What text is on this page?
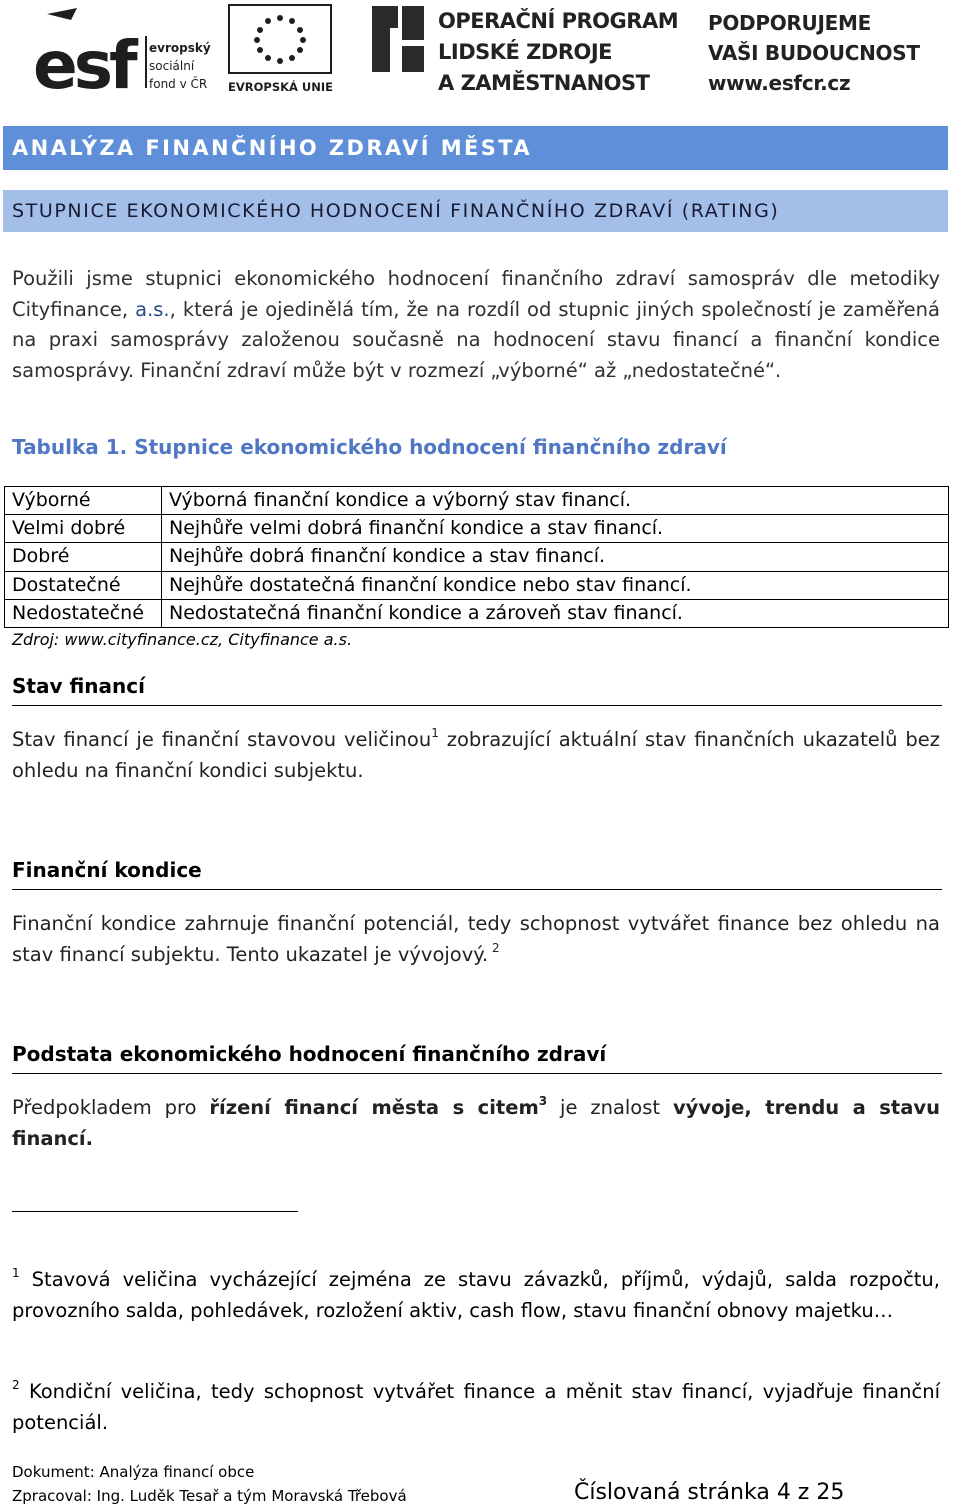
esf	evropský
sociální
fond v ČR EVROPSKÁ UNIE
OPERAČNÍ PROGRAM
LIDSKÉ ZDROJE
A ZAMĚSTNANOST
PODPORUJEME
VAŠI BUDOUCNOST
www.esfcr.cz
ANALÝZA FINANČNÍHO ZDRAVÍ MĚSTA
STUPNICE EKONOMICKÉHO HODNOCENÍ FINANČNÍHO ZDRAVÍ (RATING)
Použili jsme stupnici ekonomického hodnocení finančního zdraví samospráv dle metodiky Cityfinance, a.s., která je ojedinělá tím, že na rozdíl od stupnic jiných společností je zaměřená na praxi samosprávy založenou současně na hodnocení stavu financí a finanční kondice samosprávy. Finanční zdraví může být v rozmezí „výborné“ až „nedostatečné“.
Tabulka 1. Stupnice ekonomického hodnocení finančního zdraví
Výborné	Výborná finanční kondice a výborný stav financí.
Velmi dobré	Nejhůře velmi dobrá finanční kondice a stav financí.
Dobré	Nejhůře dobrá finanční kondice a stav financí.
Dostatečné	Nejhůře dostatečná finanční kondice nebo stav financí.
Nedostatečné	Nedostatečná finanční kondice a zároveň stav financí.
Zdroj: www.cityfinance.cz, Cityfinance a.s.
Stav financí
Stav financí je finanční stavovou veličinou$^1$ zobrazující aktuální stav finančních ukazatelů bez ohledu na finanční kondici subjektu.
Finanční kondice
Finanční kondice zahrnuje finanční potenciál, tedy schopnost vytvářet finance bez ohledu na stav financí subjektu. Tento ukazatel je vývojový. $^2$
Podstata ekonomického hodnocení finančního zdraví
Předpokladem pro řízení financí města s citem$^3$ je znalost vývoje, trendu a stavu financí.
$^1$ Stavová veličina vycházející zejména ze stavu závazků, příjmů, výdajů, salda rozpočtu, provozního salda, pohledávek, rozložení aktiv, cash flow, stavu finanční obnovy majetku…
$^2$ Kondiční veličina, tedy schopnost vytvářet finance a měnit stav financí, vyjadřuje finanční potenciál.
Dokument: Analýza financí obce
Zpracoval: Ing. Luděk Tesař a tým Moravská Třebová	Číslovaná stránka 4 z 25
